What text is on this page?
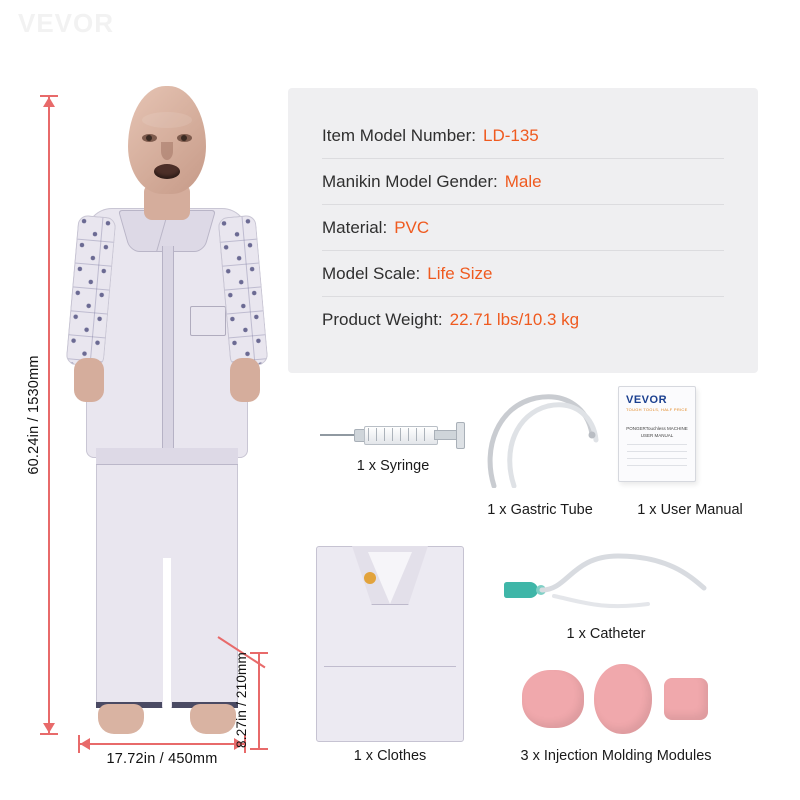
VEVOR
60.24in / 1530mm
17.72in / 450mm
8.27in / 210mm
Item Model Number: LD-135
Manikin Model Gender: Male
Material: PVC
Model Scale: Life Size
Product Weight: 22.71 lbs/10.3 kg
1 x Syringe
1 x Gastric Tube
VEVOR
TOUGH TOOLS, HALF PRICE
PONGERTouchless MACHINE USER MANUAL
1 x User Manual
1 x Catheter
1 x Clothes	3 x Injection Molding Modules
